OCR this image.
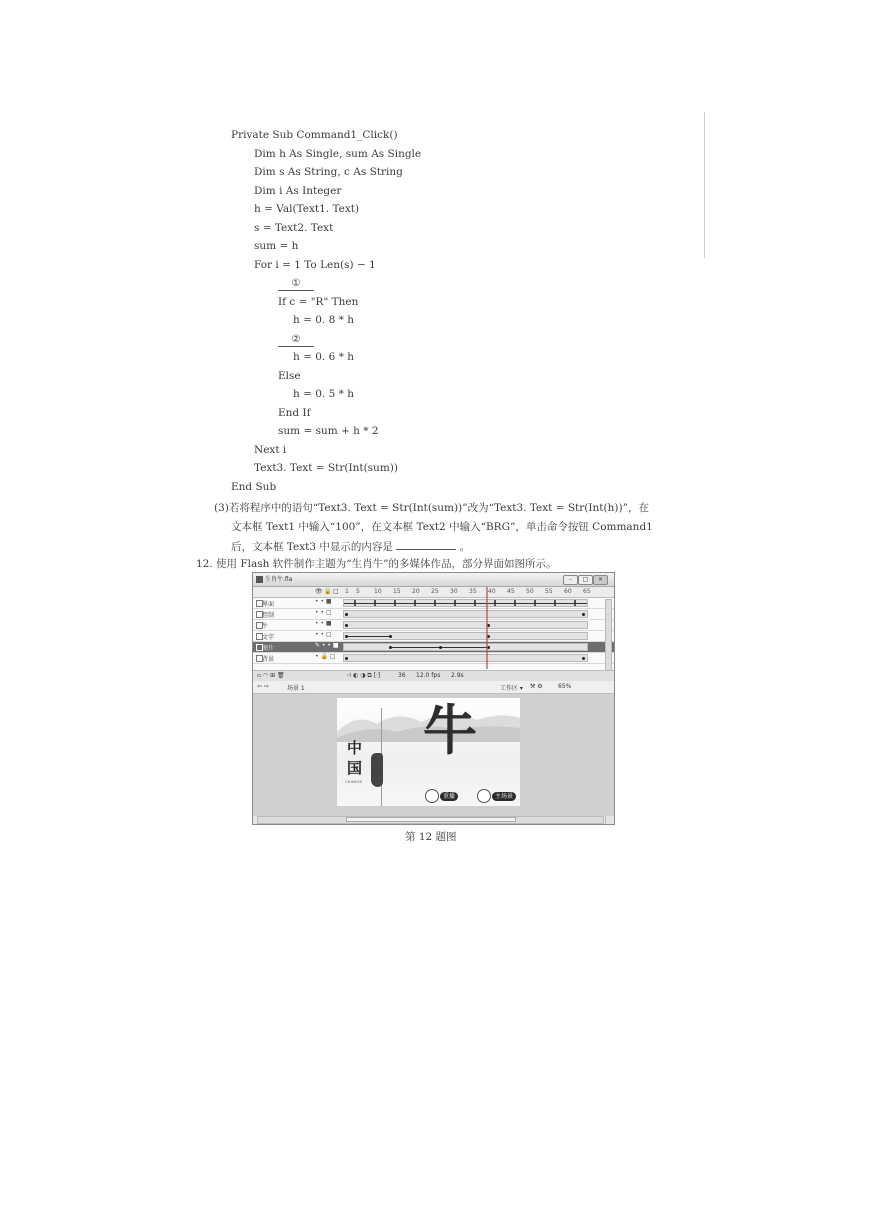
Private Sub Command1_Click()
Dim h As Single, sum As Single
Dim s As String, c As String
Dim i As Integer
h = Val(Text1. Text)
s = Text2. Text
sum = h
For i = 1 To Len(s) − 1
①
If c = "R" Then
h = 0. 8 * h
②
h = 0. 6 * h
Else
h = 0. 5 * h
End If
sum = sum + h * 2
Next i
Text3. Text = Str(Int(sum))
End Sub
(3)若将程序中的语句“Text3. Text = Str(Int(sum))”改为“Text3. Text = Str(Int(h))”，在
文本框 Text1 中输入“100”，在文本框 Text2 中输入“BRG”，单击命令按钮 Command1
后，文本框 Text3 中显示的内容是	。
12. 使用 Flash 软件制作主题为“生肖牛”的多媒体作品，部分界面如图所示。
生肖牛.fla	–	□	×
👁 🔒 □ 1 5 10 15 20 25 30 35 40 45 50 55 60 65
界面	• • ■
控制	• • □
牛	• • ■
文字	• • □
图片	✎ • • ■
背景	• 🔒 □
▫ ◠ ⊞ 🗑	⊣ ◐ ◑ ⧉ [·]	36 12.0 fps 2.9s
⇦ ⇨	场景 1	工作区 ▾ ⚒ ⚙	65%
牛
中
国
CHINESE
重播	主场景
第 12 题图
